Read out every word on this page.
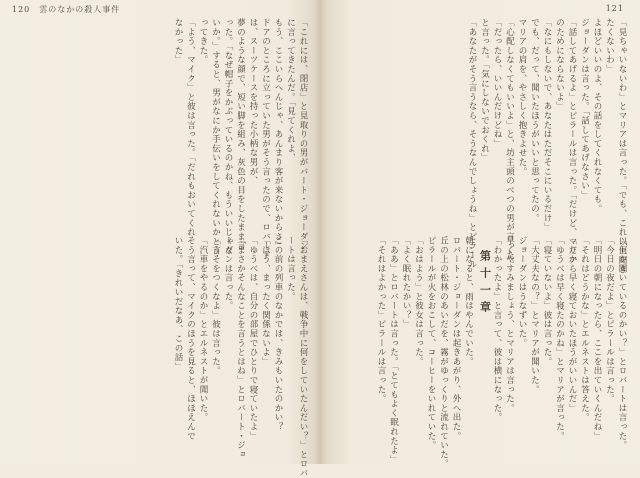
120　雲のなかの殺人事件
「これには、閉店」と見取りの男がバート・ジョーダン
に言ってきたんだ。「見てくれよ、
もう、ここいらへんじゃ、あんまり客が来ないからさ」
ドアのところに立っていた男がそう言ったので、ロバート
は、スーツケースを持った小柄な男が、
夢のような顔で、短い脚を組み、灰色の目をしたまま言
った。「なぜ帽子をかぶっているのかね、もういいじゃな
いか。」すると、男がなにか手伝いをしてくれないかと言
ってきた。
「よう、マイク」と彼は言った。「だれもおいてくれ
なかった」
「おまえさんは、戦争中に何をしていたんだい？」とロバ
ートは言った。
この前の列車のなかでは、きみもいたのかい？
「ほう、まったく関係ないよ」
「ゆうべは、自分の部屋でひとりで寝ていたよ」
「まさかそんなことを言うとはね」とロバート・ジョ
ーダンは言った。
「うそをつくなよ」彼は言った。
「汽車をやるのか」とエルネストが聞いた。
そう言って、マイクのほうを見ると、ほほえんで
いた。「きれいだなあ、この話」
121
「見ちゃいないわ」とマリアは言った。「でも、これ以上聞き
たくないわ」
よほどいいのよ、その話をしてくれなくても。
ジョーダンは言った。「話してあげなさい」
「話してあげるよ」とピラールは言った。「だけど、マリア
のためにならないよ」
「なにもしないで、あなたはただそこにいるだけ」
でも、だって、聞いたほうがいいと思ってたの。
マリアの肩を、やさしく抱きよせた。
「心配しなくてもいいよ」と、坊主頭のべつの男が言った。
「だったら、いいんだけどね」
と言った。「気にしないでおくれ」
「あなたがそう言うなら、そうなんでしょうね」とピラール
「何か聞いているのかい？」とロバートは言った。
「今日の夜だよ」とピラールは言った。
「明日の朝になったら、ここを出ていくんだね」
「それはどうかな」とエルネストは答えた。
「だから早く寝ておいたほうがいいんだ」
「ゆうべは早く寝たのかね」とマリアが言った。
「寝ていないよ」彼は言った。
「大丈夫なの？」とマリアが聞いた。
ジョーダンはうなずいた。
早くやすみましょう、とマリアは言った。
「わかったよ」と言って、彼は横になった。
第十一章
朝になると、雨はやんでいた。
ロバート・ジョーダンは起きあがり、外へ出た。
丘の上の松林のあいだを、霧がゆっくりと流れていた。
ピラールが火をおこして、コーヒーをいれていた。
「おはよう」と彼女は言った。
「よく眠れたかい？」
「ああ」とロバートは言った。「とてもよく眠れたよ」
「それはよかった」ピラールは言った。
